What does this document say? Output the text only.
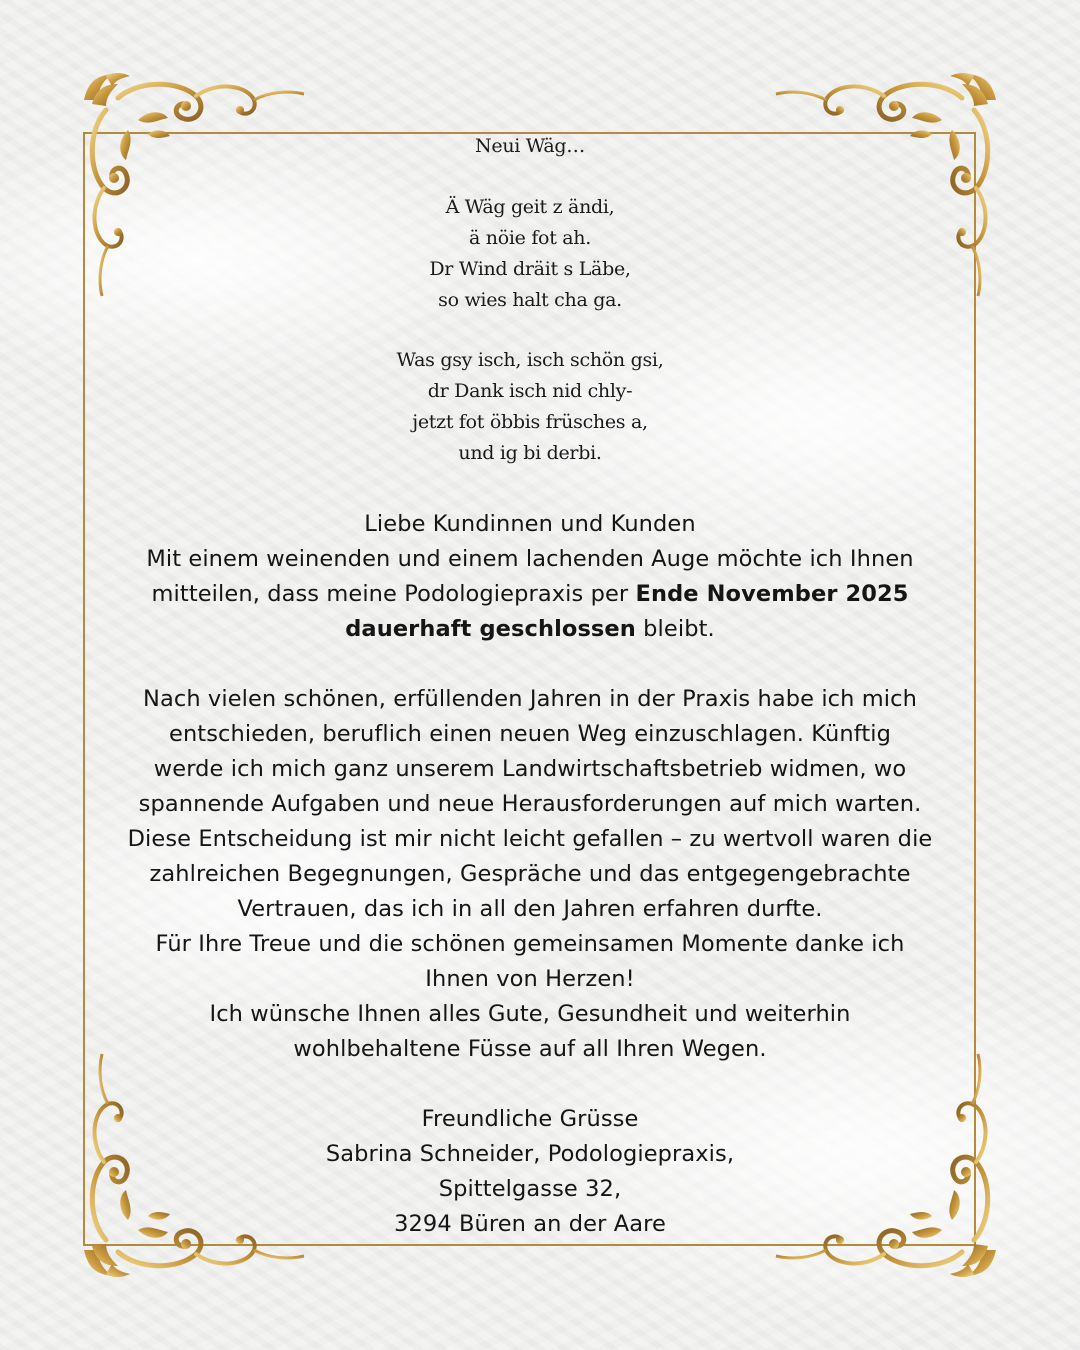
Neui Wäg…
Ä Wäg geit z ändi,
ä nöie fot ah.
Dr Wind dräit s Läbe,
so wies halt cha ga.
Was gsy isch, isch schön gsi,
dr Dank isch nid chly-
jetzt fot öbbis früsches a,
und ig bi derbi.
Liebe Kundinnen und Kunden
Mit einem weinenden und einem lachenden Auge möchte ich Ihnen
mitteilen, dass meine Podologiepraxis per Ende November 2025
dauerhaft geschlossen bleibt.
Nach vielen schönen, erfüllenden Jahren in der Praxis habe ich mich
entschieden, beruflich einen neuen Weg einzuschlagen. Künftig
werde ich mich ganz unserem Landwirtschaftsbetrieb widmen, wo
spannende Aufgaben und neue Herausforderungen auf mich warten.
Diese Entscheidung ist mir nicht leicht gefallen – zu wertvoll waren die
zahlreichen Begegnungen, Gespräche und das entgegengebrachte
Vertrauen, das ich in all den Jahren erfahren durfte.
Für Ihre Treue und die schönen gemeinsamen Momente danke ich
Ihnen von Herzen!
Ich wünsche Ihnen alles Gute, Gesundheit und weiterhin
wohlbehaltene Füsse auf all Ihren Wegen.
Freundliche Grüsse
Sabrina Schneider, Podologiepraxis,
Spittelgasse 32,
3294 Büren an der Aare
